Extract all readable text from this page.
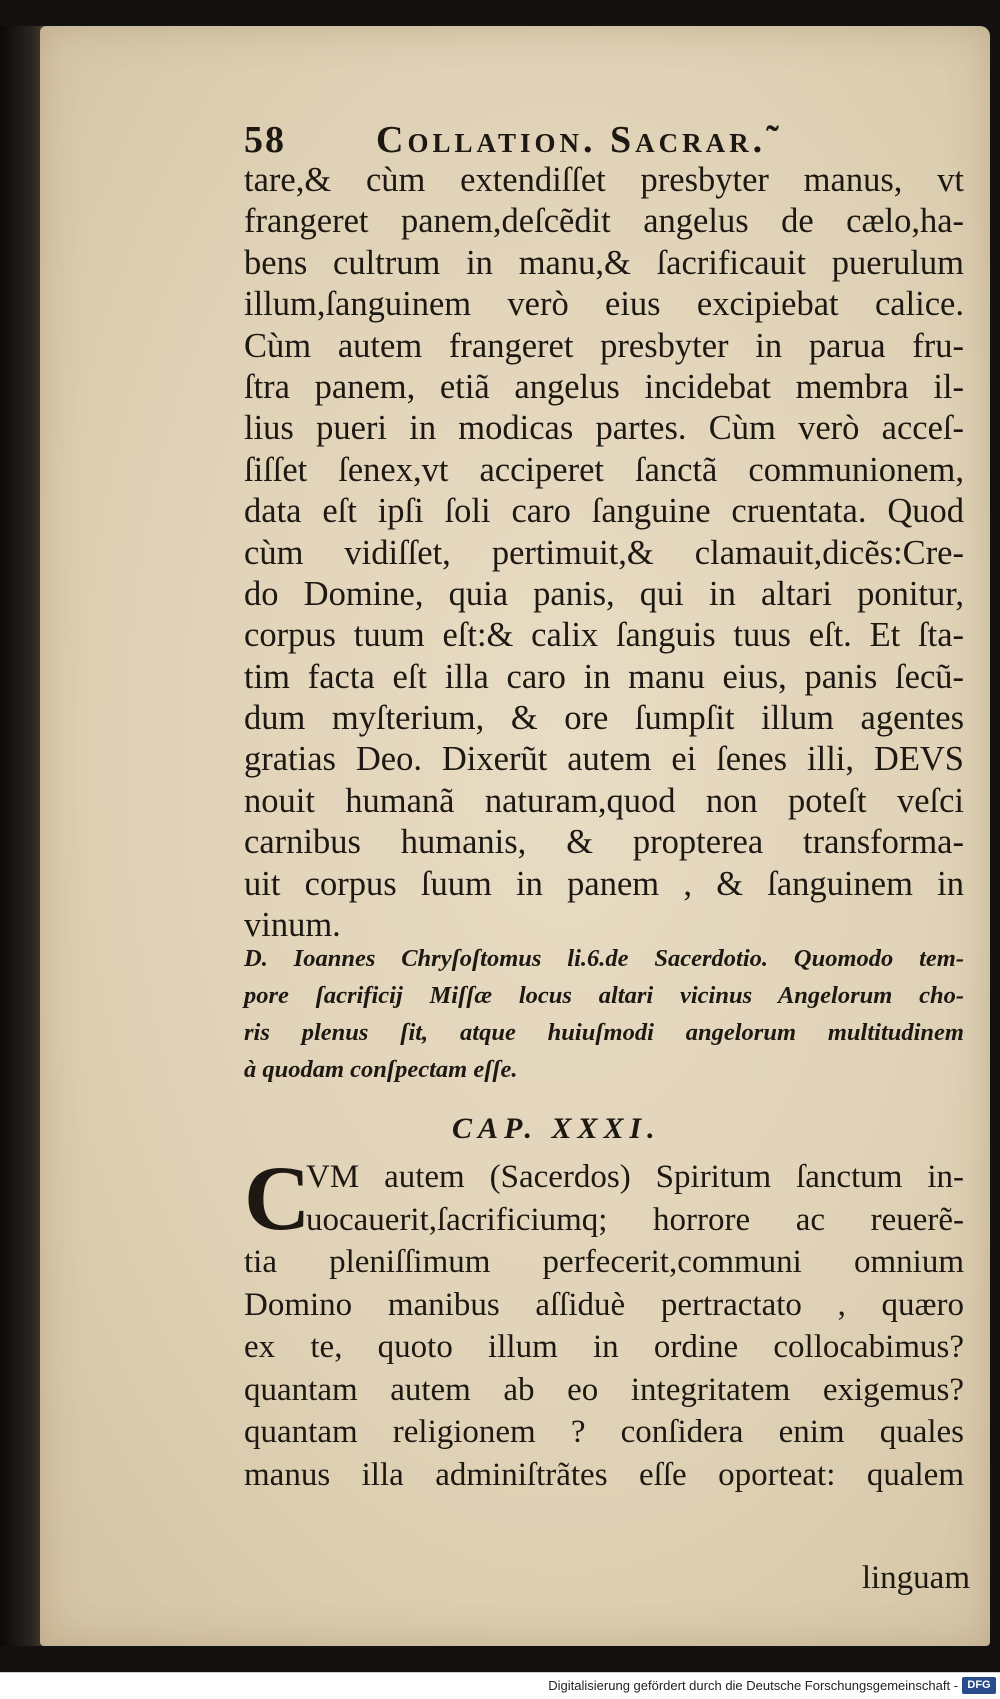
58 Collation. Sacrar.˜
tare,& cùm extendiſſet presbyter manus, vt
frangeret panem,deſcẽdit angelus de cælo,ha-
bens cultrum in manu,& ſacrificauit puerulum
illum,ſanguinem verò eius excipiebat calice.
Cùm autem frangeret presbyter in parua fru-
ſtra panem, etiã angelus incidebat membra il-
lius pueri in modicas partes. Cùm verò acceſ-
ſiſſet ſenex,vt acciperet ſanctã communionem,
data eſt ipſi ſoli caro ſanguine cruentata. Quod
cùm vidiſſet, pertimuit,& clamauit,dicẽs:Cre-
do Domine, quia panis, qui in altari ponitur,
corpus tuum eſt:& calix ſanguis tuus eſt. Et ſta-
tim facta eſt illa caro in manu eius, panis ſecũ-
dum myſterium, & ore ſumpſit illum agentes
gratias Deo. Dixerũt autem ei ſenes illi, DEVS
nouit humanã naturam,quod non poteſt veſci
carnibus humanis, & propterea transforma-
uit corpus ſuum in panem , & ſanguinem in
vinum.
D. Ioannes Chryſoſtomus li.6.de Sacerdotio. Quomodo tem-
pore ſacrificij Miſſæ locus altari vicinus Angelorum cho-
ris plenus ſit, atque huiuſmodi angelorum multitudinem
à quodam conſpectam eſſe.
CAP. XXXI.
C
VM autem (Sacerdos) Spiritum ſanctum in-
uocauerit,ſacrificiumq; horrore ac reuerẽ-
tia pleniſſimum perfecerit,communi omnium
Domino manibus aſſiduè pertractato , quæro
ex te, quoto illum in ordine collocabimus?
quantam autem ab eo integritatem exigemus?
quantam religionem ? conſidera enim quales
manus illa adminiſtrãtes eſſe oporteat: qualem
linguam
Digitalisierung gefördert durch die Deutsche Forschungsgemeinschaft - DFG
